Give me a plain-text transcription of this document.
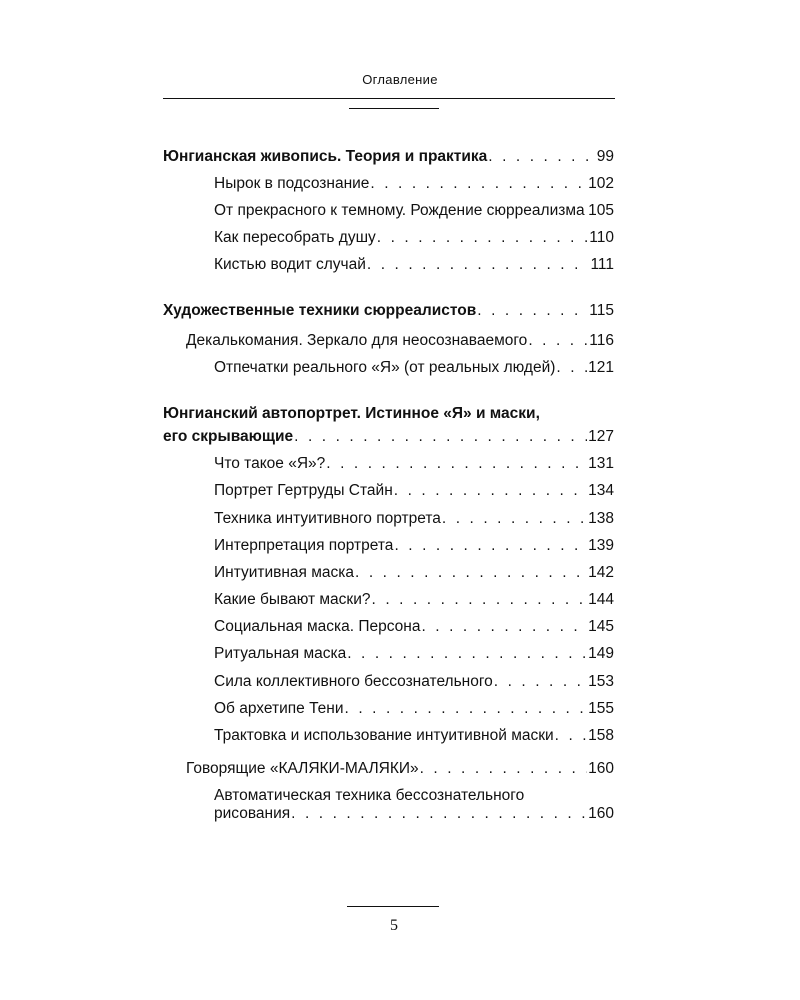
Оглавление
Юнгианская живопись. Теория и практика . . .	99
Нырок в подсознание . . .	102
От прекрасного к темному. Рождение сюрреализма . . . 105
Как пересобрать душу . . .	110
Кистью водит случай . . .	111
Художественные техники сюрреалистов . . .	115
Декалькомания. Зеркало для неосознаваемого . . .	116
Отпечатки реального «Я» (от реальных людей) . . . 121
Юнгианский автопортрет. Истинное «Я» и маски,
его скрывающие . . .	127
Что такое «Я»? . . .	131
Портрет Гертруды Стайн . . .	134
Техника интуитивного портрета . . .	138
Интерпретация портрета . . .	139
Интуитивная маска . . .	142
Какие бывают маски? . . .	144
Социальная маска. Персона . . .	145
Ритуальная маска . . .	149
Сила коллективного бессознательного . . .	153
Об архетипе Тени . . .	155
Трактовка и использование интуитивной маски . . . 158
Говорящие «КАЛЯКИ-МАЛЯКИ» . . .	160
Автоматическая техника бессознательного
рисования . . .	160
5
